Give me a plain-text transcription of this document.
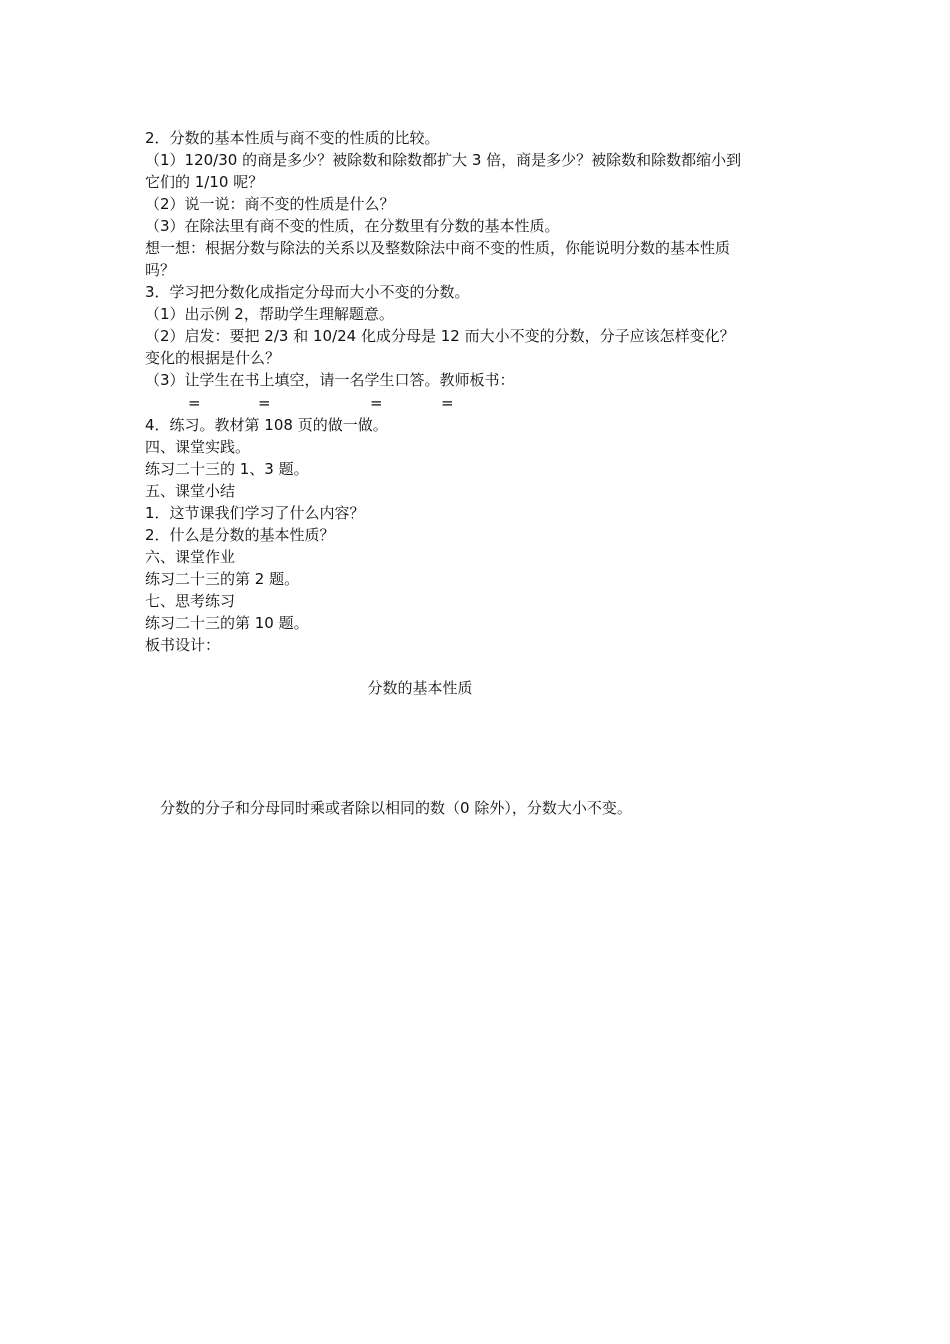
2．分数的基本性质与商不变的性质的比较。
（1）120/30 的商是多少？被除数和除数都扩大 3 倍，商是多少？被除数和除数都缩小到
它们的 1/10 呢？
（2）说一说：商不变的性质是什么？
（3）在除法里有商不变的性质，在分数里有分数的基本性质。
想一想：根据分数与除法的关系以及整数除法中商不变的性质，你能说明分数的基本性质
吗？
3．学习把分数化成指定分母而大小不变的分数。
（1）出示例 2，帮助学生理解题意。
（2）启发：要把 2/3 和 10/24 化成分母是 12 而大小不变的分数，分子应该怎样变化？
变化的根据是什么？
（3）让学生在书上填空，请一名学生口答。教师板书：
=	=	=	=
4．练习。教材第 108 页的做一做。
四、课堂实践。
练习二十三的 1、3 题。
五、课堂小结
1．这节课我们学习了什么内容？
2．什么是分数的基本性质？
六、课堂作业
练习二十三的第 2 题。
七、思考练习
练习二十三的第 10 题。
板书设计：
分数的基本性质
分数的分子和分母同时乘或者除以相同的数（0 除外），分数大小不变。
